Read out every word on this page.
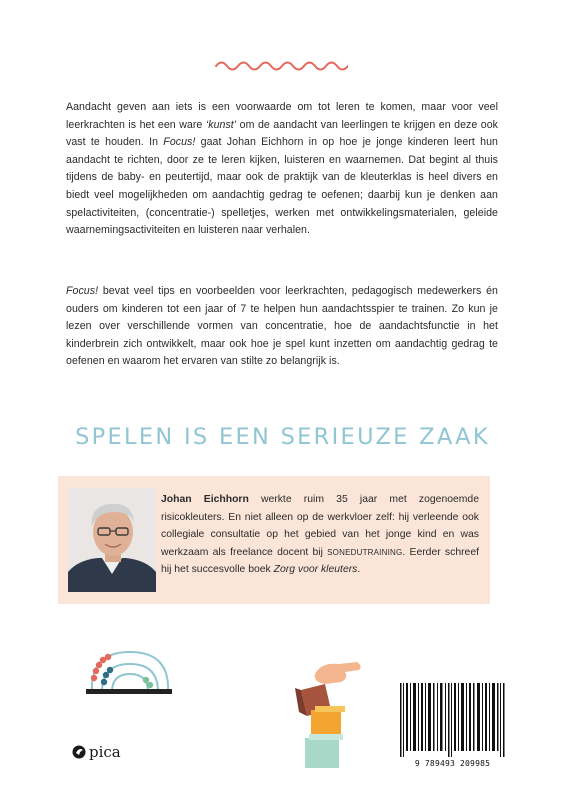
Aandacht geven aan iets is een voorwaarde om tot leren te komen, maar voor veel leerkrachten is het een ware ‘kunst’ om de aandacht van leerlingen te krijgen en deze ook vast te houden. In Focus! gaat Johan Eichhorn in op hoe je jonge kinderen leert hun aandacht te richten, door ze te leren kijken, luisteren en waarnemen. Dat begint al thuis tijdens de baby- en peutertijd, maar ook de praktijk van de kleuterklas is heel divers en biedt veel mogelijkheden om aandachtig gedrag te oefenen; daarbij kun je denken aan spelactiviteiten, (concentratie-) spelletjes, werken met ontwikkelingsmaterialen, geleide waarnemingsactiviteiten en luisteren naar verhalen.

Focus! bevat veel tips en voorbeelden voor leerkrachten, pedagogisch medewerkers én ouders om kinderen tot een jaar of 7 te helpen hun aandachtsspier te trainen. Zo kun je lezen over verschillende vormen van concentratie, hoe de aandachtsfunctie in het kinderbrein zich ontwikkelt, maar ook hoe je spel kunt inzetten om aandachtig gedrag te oefenen en waarom het ervaren van stilte zo belangrijk is.

SPELEN IS EEN SERIEUZE ZAAK

Johan Eichhorn werkte ruim 35 jaar met zogenoemde risicokleuters. En niet alleen op de werkvloer zelf: hij verleende ook collegiale consultatie op het gebied van het jonge kind en was werkzaam als freelance docent bij SONEDUTRAINING. Eerder schreef hij het succesvolle boek Zorg voor kleuters.

pica
9 789493 209985
